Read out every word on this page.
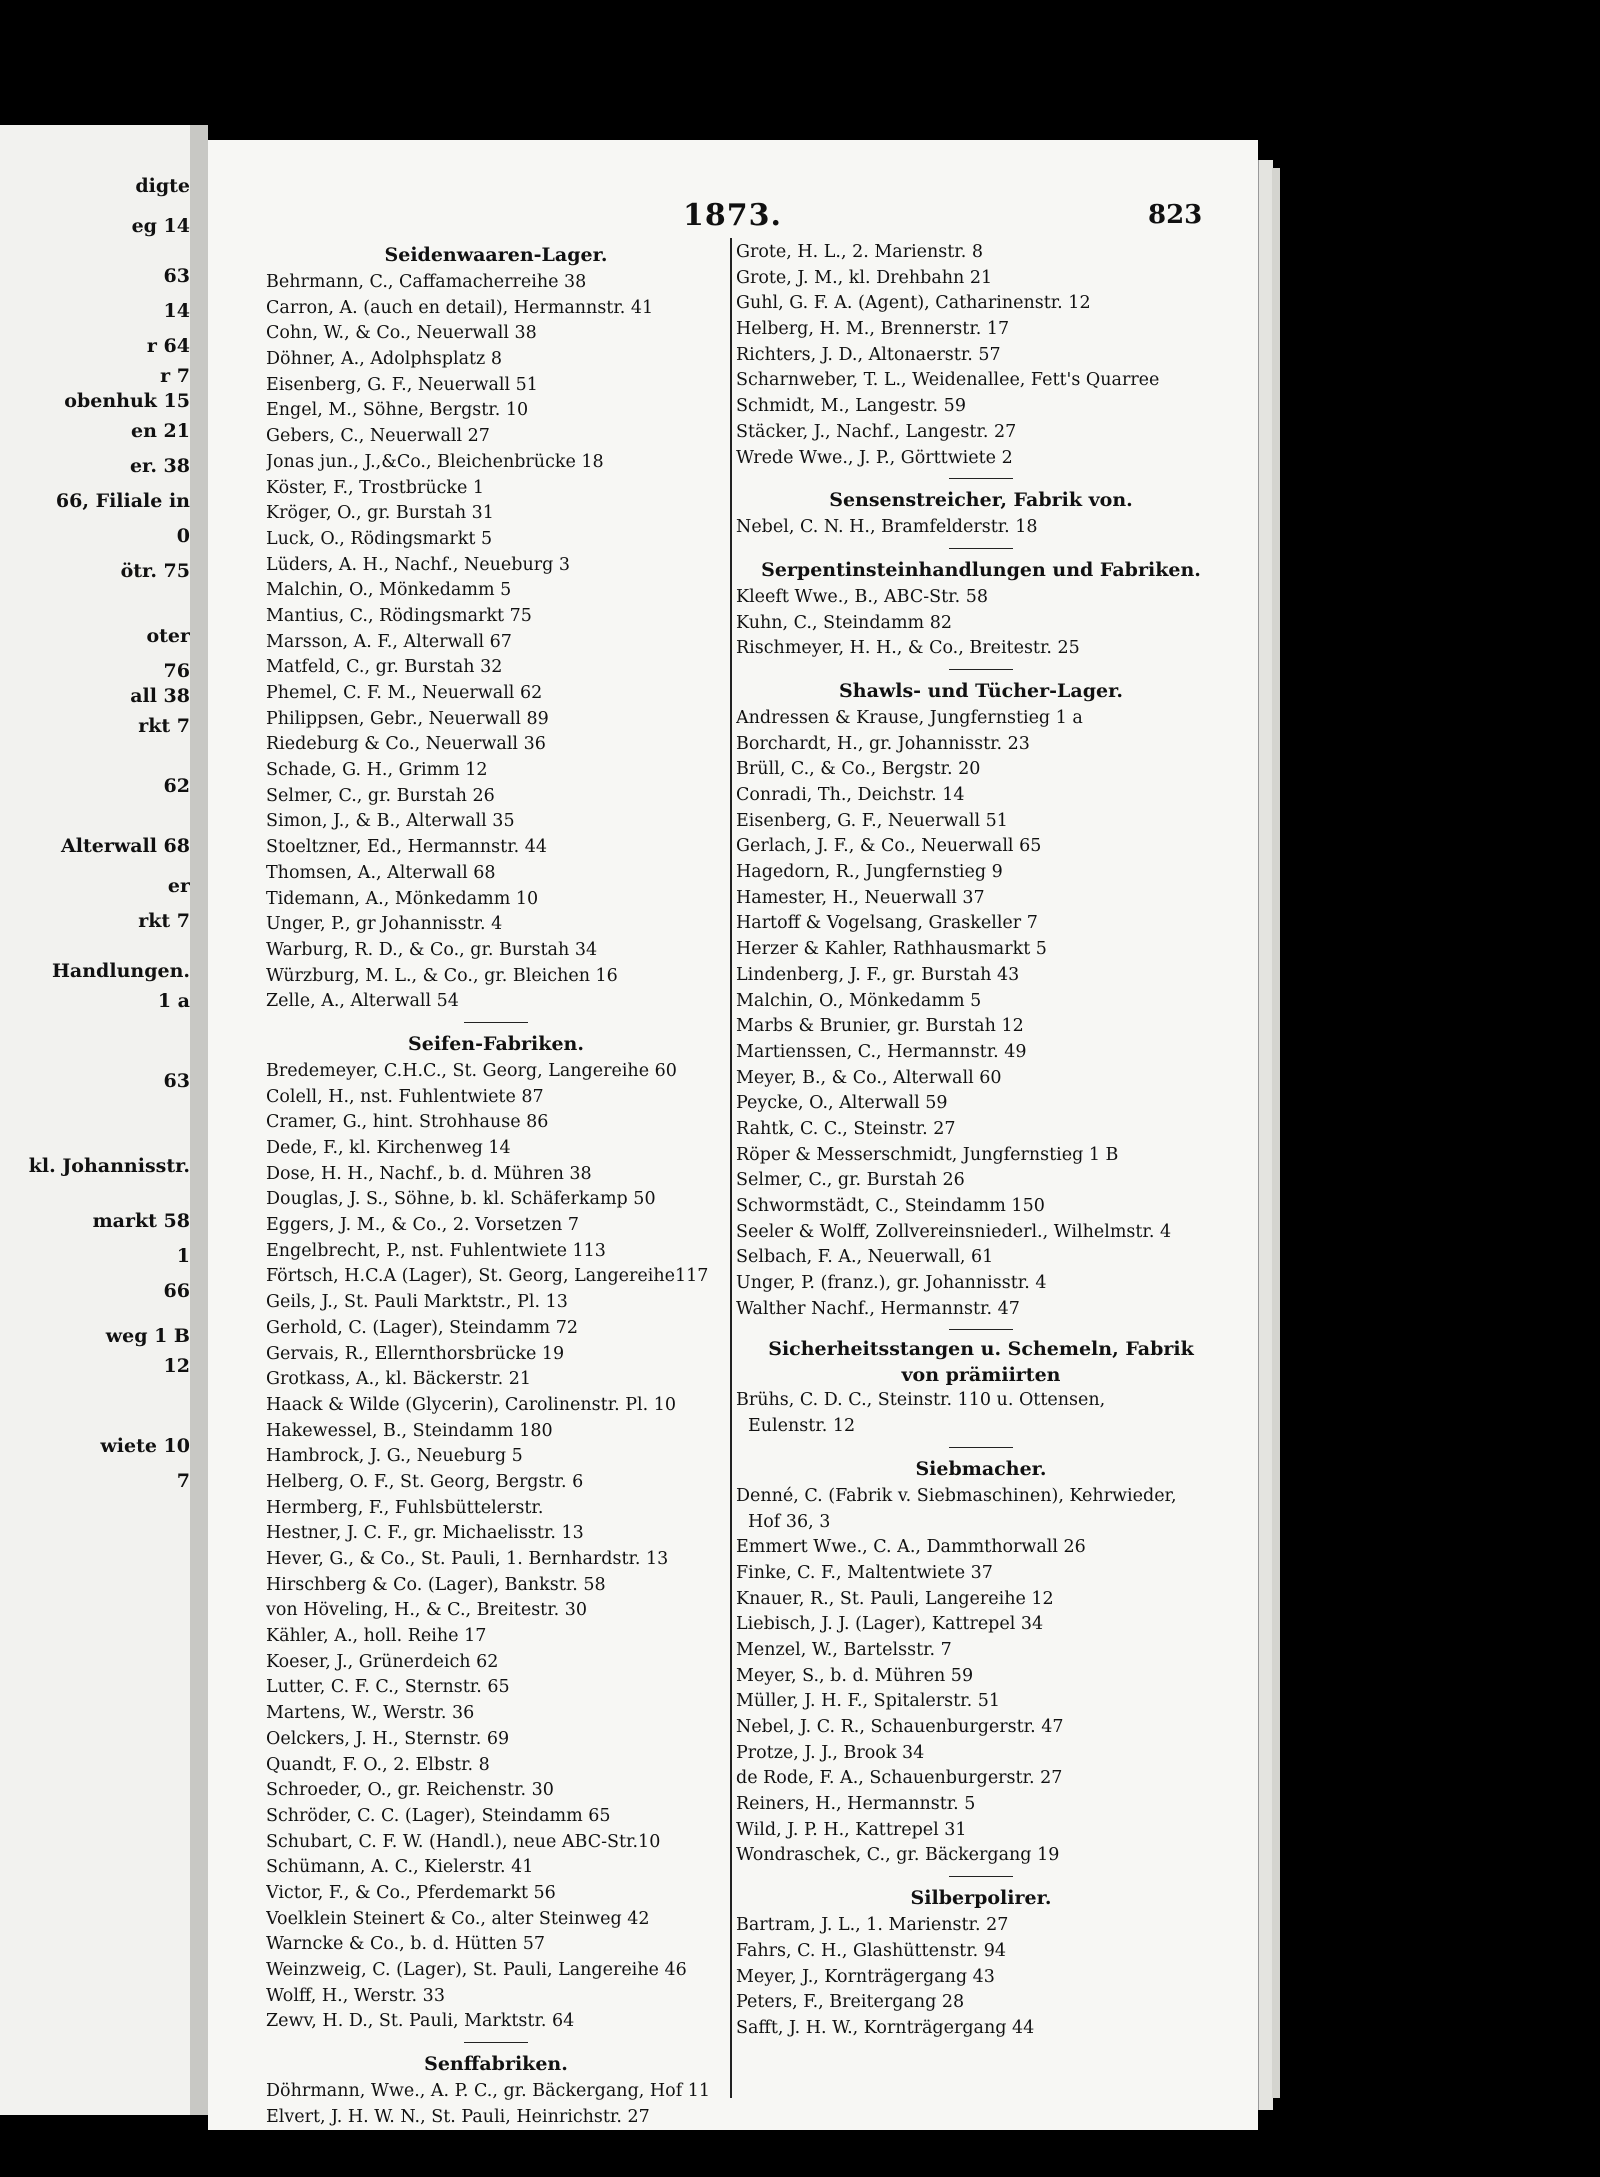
digte
eg 14
63
14
r 64
r 7
obenhuk 15
en 21
er. 38
66, Filiale in
0
ötr. 75
oter
76
all 38
rkt 7
62
Alterwall 68
er
rkt 7
Handlungen.
1 a
63
kl. Johannisstr.
markt 58
1
66
weg 1 B
12
wiete 10
7
1873.	823
Seidenwaaren-Lager.
Behrmann, C., Caffamacherreihe 38
Carron, A. (auch en detail), Hermannstr. 41
Cohn, W., & Co., Neuerwall 38
Döhner, A., Adolphsplatz 8
Eisenberg, G. F., Neuerwall 51
Engel, M., Söhne, Bergstr. 10
Gebers, C., Neuerwall 27
Jonas jun., J.,&Co., Bleichenbrücke 18
Köster, F., Trostbrücke 1
Kröger, O., gr. Burstah 31
Luck, O., Rödingsmarkt 5
Lüders, A. H., Nachf., Neueburg 3
Malchin, O., Mönkedamm 5
Mantius, C., Rödingsmarkt 75
Marsson, A. F., Alterwall 67
Matfeld, C., gr. Burstah 32
Phemel, C. F. M., Neuerwall 62
Philippsen, Gebr., Neuerwall 89
Riedeburg & Co., Neuerwall 36
Schade, G. H., Grimm 12
Selmer, C., gr. Burstah 26
Simon, J., & B., Alterwall 35
Stoeltzner, Ed., Hermannstr. 44
Thomsen, A., Alterwall 68
Tidemann, A., Mönkedamm 10
Unger, P., gr Johannisstr. 4
Warburg, R. D., & Co., gr. Burstah 34
Würzburg, M. L., & Co., gr. Bleichen 16
Zelle, A., Alterwall 54
Seifen-Fabriken.
Bredemeyer, C.H.C., St. Georg, Langereihe 60
Colell, H., nst. Fuhlentwiete 87
Cramer, G., hint. Strohhause 86
Dede, F., kl. Kirchenweg 14
Dose, H. H., Nachf., b. d. Mühren 38
Douglas, J. S., Söhne, b. kl. Schäferkamp 50
Eggers, J. M., & Co., 2. Vorsetzen 7
Engelbrecht, P., nst. Fuhlentwiete 113
Förtsch, H.C.A (Lager), St. Georg, Langereihe117
Geils, J., St. Pauli Marktstr., Pl. 13
Gerhold, C. (Lager), Steindamm 72
Gervais, R., Ellernthorsbrücke 19
Grotkass, A., kl. Bäckerstr. 21
Haack & Wilde (Glycerin), Carolinenstr. Pl. 10
Hakewessel, B., Steindamm 180
Hambrock, J. G., Neueburg 5
Helberg, O. F., St. Georg, Bergstr. 6
Hermberg, F., Fuhlsbüttelerstr.
Hestner, J. C. F., gr. Michaelisstr. 13
Hever, G., & Co., St. Pauli, 1. Bernhardstr. 13
Hirschberg & Co. (Lager), Bankstr. 58
von Höveling, H., & C., Breitestr. 30
Kähler, A., holl. Reihe 17
Koeser, J., Grünerdeich 62
Lutter, C. F. C., Sternstr. 65
Martens, W., Werstr. 36
Oelckers, J. H., Sternstr. 69
Quandt, F. O., 2. Elbstr. 8
Schroeder, O., gr. Reichenstr. 30
Schröder, C. C. (Lager), Steindamm 65
Schubart, C. F. W. (Handl.), neue ABC-Str.10
Schümann, A. C., Kielerstr. 41
Victor, F., & Co., Pferdemarkt 56
Voelklein Steinert & Co., alter Steinweg 42
Warncke & Co., b. d. Hütten 57
Weinzweig, C. (Lager), St. Pauli, Langereihe 46
Wolff, H., Werstr. 33
Zewv, H. D., St. Pauli, Marktstr. 64
Senffabriken.
Döhrmann, Wwe., A. P. C., gr. Bäckergang, Hof 11
Elvert, J. H. W. N., St. Pauli, Heinrichstr. 27
Grote, H. L., 2. Marienstr. 8
Grote, J. M., kl. Drehbahn 21
Guhl, G. F. A. (Agent), Catharinenstr. 12
Helberg, H. M., Brennerstr. 17
Richters, J. D., Altonaerstr. 57
Scharnweber, T. L., Weidenallee, Fett's Quarree
Schmidt, M., Langestr. 59
Stäcker, J., Nachf., Langestr. 27
Wrede Wwe., J. P., Görttwiete 2
Sensenstreicher, Fabrik von.
Nebel, C. N. H., Bramfelderstr. 18
Serpentinsteinhandlungen und Fabriken.
Kleeft Wwe., B., ABC-Str. 58
Kuhn, C., Steindamm 82
Rischmeyer, H. H., & Co., Breitestr. 25
Shawls- und Tücher-Lager.
Andressen & Krause, Jungfernstieg 1 a
Borchardt, H., gr. Johannisstr. 23
Brüll, C., & Co., Bergstr. 20
Conradi, Th., Deichstr. 14
Eisenberg, G. F., Neuerwall 51
Gerlach, J. F., & Co., Neuerwall 65
Hagedorn, R., Jungfernstieg 9
Hamester, H., Neuerwall 37
Hartoff & Vogelsang, Graskeller 7
Herzer & Kahler, Rathhausmarkt 5
Lindenberg, J. F., gr. Burstah 43
Malchin, O., Mönkedamm 5
Marbs & Brunier, gr. Burstah 12
Martienssen, C., Hermannstr. 49
Meyer, B., & Co., Alterwall 60
Peycke, O., Alterwall 59
Rahtk, C. C., Steinstr. 27
Röper & Messerschmidt, Jungfernstieg 1 B
Selmer, C., gr. Burstah 26
Schwormstädt, C., Steindamm 150
Seeler & Wolff, Zollvereinsniederl., Wilhelmstr. 4
Selbach, F. A., Neuerwall, 61
Unger, P. (franz.), gr. Johannisstr. 4
Walther Nachf., Hermannstr. 47
Sicherheitsstangen u. Schemeln, Fabrik
von prämiirten
Brühs, C. D. C., Steinstr. 110 u. Ottensen,
Eulenstr. 12
Siebmacher.
Denné, C. (Fabrik v. Siebmaschinen), Kehrwieder,
Hof 36, 3
Emmert Wwe., C. A., Dammthorwall 26
Finke, C. F., Maltentwiete 37
Knauer, R., St. Pauli, Langereihe 12
Liebisch, J. J. (Lager), Kattrepel 34
Menzel, W., Bartelsstr. 7
Meyer, S., b. d. Mühren 59
Müller, J. H. F., Spitalerstr. 51
Nebel, J. C. R., Schauenburgerstr. 47
Protze, J. J., Brook 34
de Rode, F. A., Schauenburgerstr. 27
Reiners, H., Hermannstr. 5
Wild, J. P. H., Kattrepel 31
Wondraschek, C., gr. Bäckergang 19
Silberpolirer.
Bartram, J. L., 1. Marienstr. 27
Fahrs, C. H., Glashüttenstr. 94
Meyer, J., Kornträgergang 43
Peters, F., Breitergang 28
Safft, J. H. W., Kornträgergang 44
